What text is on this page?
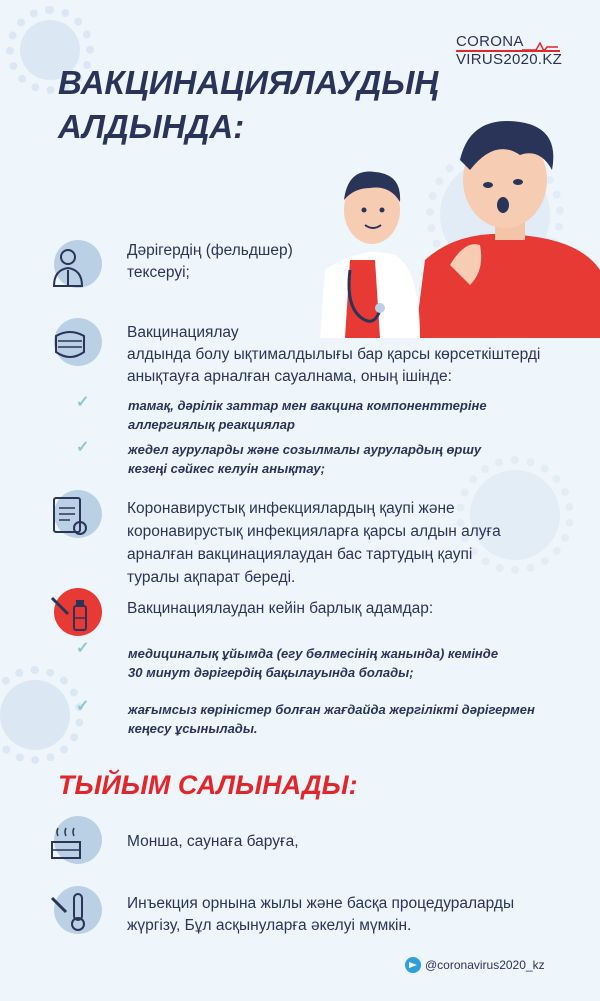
CORONA
VIRUS2020.KZ
ВАКЦИНАЦИЯЛАУДЫҢ
АЛДЫНДА:
Дәрігердің (фельдшер)
тексеруі;
Вакцинациялау
алдында болу ықтималдылығы бар қарсы көрсеткіштерді
анықтауға арналған сауалнама, оның ішінде:
✓	тамақ, дәрілік заттар мен вакцина компоненттеріне
аллергиялық реакциялар
✓	жедел ауруларды және созылмалы аурулардың өршу
кезеңі сәйкес келуін анықтау;
Коронавирустық инфекциялардың қаупі және
коронавирустық инфекцияларға қарсы алдын алуға
арналған вакцинациялаудан бас тартудың қаупі
туралы ақпарат береді.
Вакцинациялаудан кейін барлық адамдар:
✓	медициналық ұйымда (егу бөлмесінің жанында) кемінде
30 минут дәрігердің бақылауында болады;
✓	жағымсыз көріністер болған жағдайда жергілікті дәрігермен
кеңесу ұсынылады.
ТЫЙЫМ САЛЫНАДЫ:
Монша, саунаға баруға,
Инъекция орнына жылы және басқа процедураларды
жүргізу, Бұл асқынуларға әкелуі мүмкін.
@coronavirus2020_kz
